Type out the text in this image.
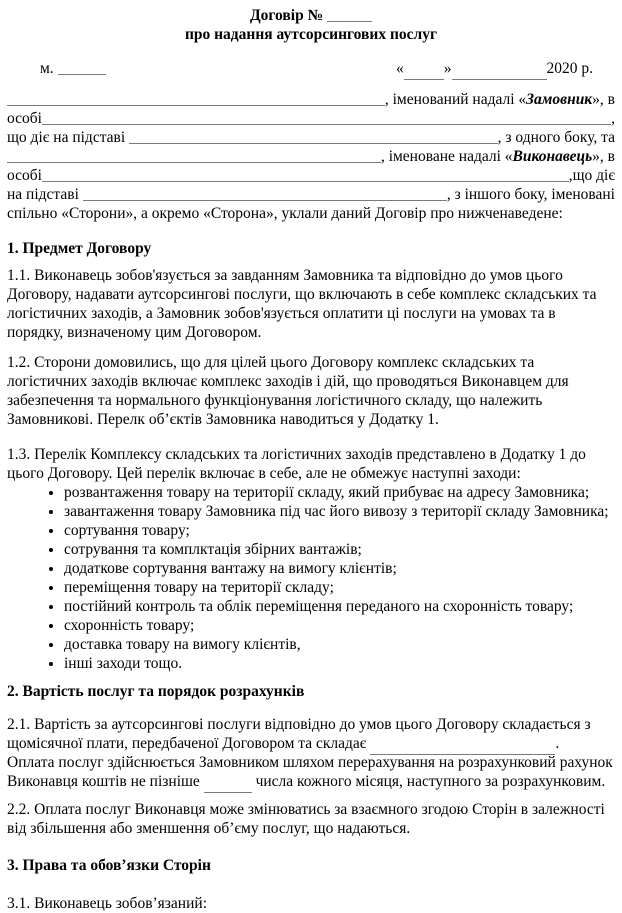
Договір №
про надання аутсорсингових послуг
м.	«	»	2020 р.
, іменований надалі « Замовник », в
особі	,
що діє на підставі	, з одного боку, та
, іменоване надалі « Виконавець », в
особі	,що діє
на підставі	, з іншого боку, іменовані
спільно «Сторони», а окремо «Сторона», уклали даний Договір про нижченаведене:
1. Предмет Договору
1.1. Виконавець зобов'язується за завданням Замовника та відповідно до умов цього Договору, надавати аутсорсингові послуги, що включають в себе комплекс складських та логістичних заходів, а Замовник зобов'язується оплатити ці послуги на умовах та в порядку, визначеному цим Договором.
1.2. Сторони домовились, що для цілей цього Договору комплекс складських та логістичних заходів включає комплекс заходів і дій, що проводяться Виконавцем для забезпечення та нормального функціонування логістичного складу, що належить Замовникові. Перелк об’єктів Замовника наводиться у Додатку 1.
1.3. Перелік Комплексу складських та логістичних заходів представлено в Додатку 1 до цього Договору. Цей перелік включає в себе, але не обмежує наступні заходи:
• розвантаження товару на території складу, який прибуває на адресу Замовника;
• завантаження товару Замовника під час його вивозу з території складу Замовника;
• сортування товару;
• сотрування та комплктація збірних вантажів;
• додаткове сортування вантажу на вимогу клієнтів;
• переміщення товару на території складу;
• постійний контроль та облік переміщення переданого на схоронність товару;
• схоронність товару;
• доставка товару на вимогу клієнтів,
• інші заходи тощо.
2. Вартість послуг та порядок розрахунків
2.1. Вартість за аутсорсингові послуги відповідно до умов цього Договору складається з
щомісячної плати, передбаченої Договором та складає	.
Оплата послуг здійснюється Замовником шляхом перерахування на розрахунковий рахунок
Виконавця коштів не пізніше	числа кожного місяця, наступного за розрахунковим.
2.2. Оплата послуг Виконавця може змінюватись за взаємного згодою Сторін в залежності від збільшення або зменшення об’єму послуг, що надаються.
3. Права та обов’язки Сторін
3.1. Виконавець зобов’язаний:
